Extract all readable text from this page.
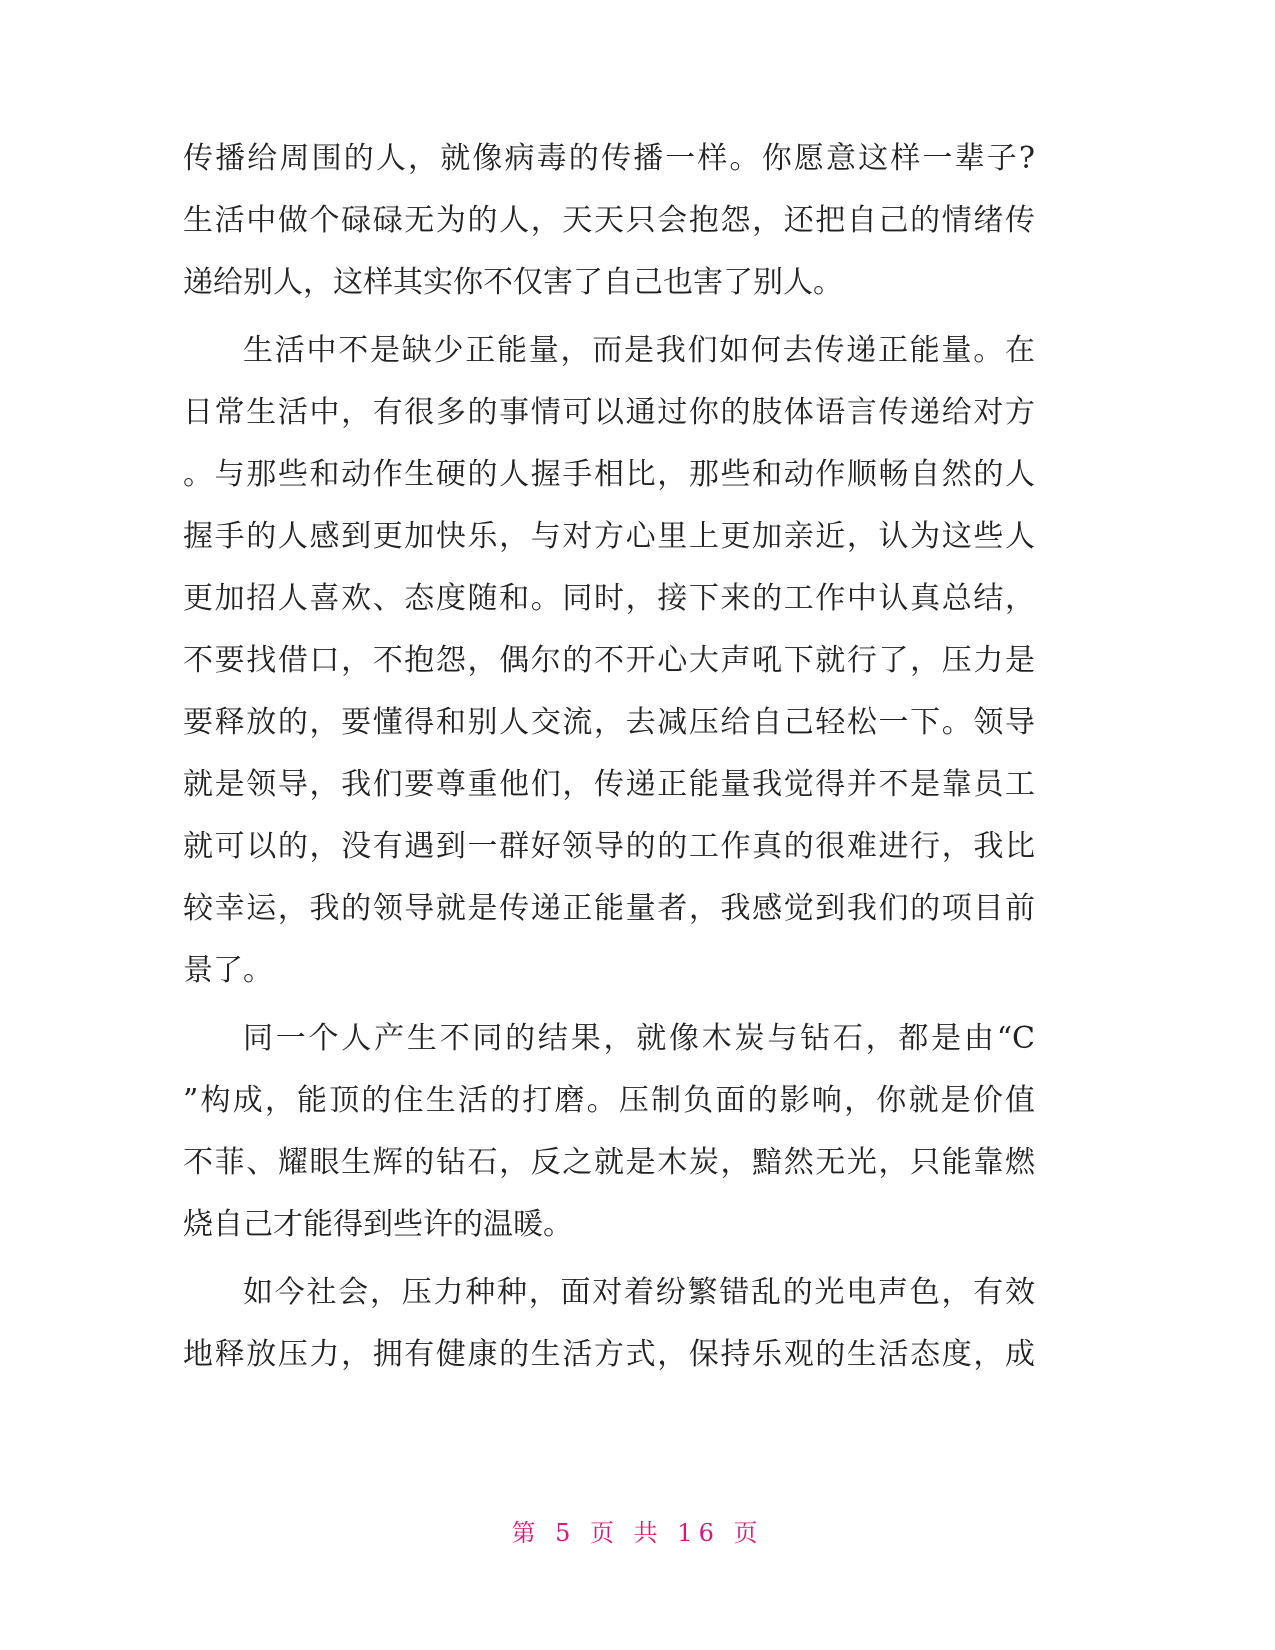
传播给周围的人，就像病毒的传播一样。你愿意这样一辈子?
生活中做个碌碌无为的人，天天只会抱怨，还把自己的情绪传
递给别人，这样其实你不仅害了自己也害了别人。
生活中不是缺少正能量，而是我们如何去传递正能量。在
日常生活中，有很多的事情可以通过你的肢体语言传递给对方
。与那些和动作生硬的人握手相比，那些和动作顺畅自然的人
握手的人感到更加快乐，与对方心里上更加亲近，认为这些人
更加招人喜欢、态度随和。同时，接下来的工作中认真总结，
不要找借口，不抱怨，偶尔的不开心大声吼下就行了，压力是
要释放的，要懂得和别人交流，去减压给自己轻松一下。领导
就是领导，我们要尊重他们，传递正能量我觉得并不是靠员工
就可以的，没有遇到一群好领导的的工作真的很难进行，我比
较幸运，我的领导就是传递正能量者，我感觉到我们的项目前
景了。
同一个人产生不同的结果，就像木炭与钻石，都是由“C
”构成，能顶的住生活的打磨。压制负面的影响，你就是价值
不菲、耀眼生辉的钻石，反之就是木炭，黯然无光，只能靠燃
烧自己才能得到些许的温暖。
如今社会，压力种种，面对着纷繁错乱的光电声色，有效
地释放压力，拥有健康的生活方式，保持乐观的生活态度，成
第 5 页 共 16 页
